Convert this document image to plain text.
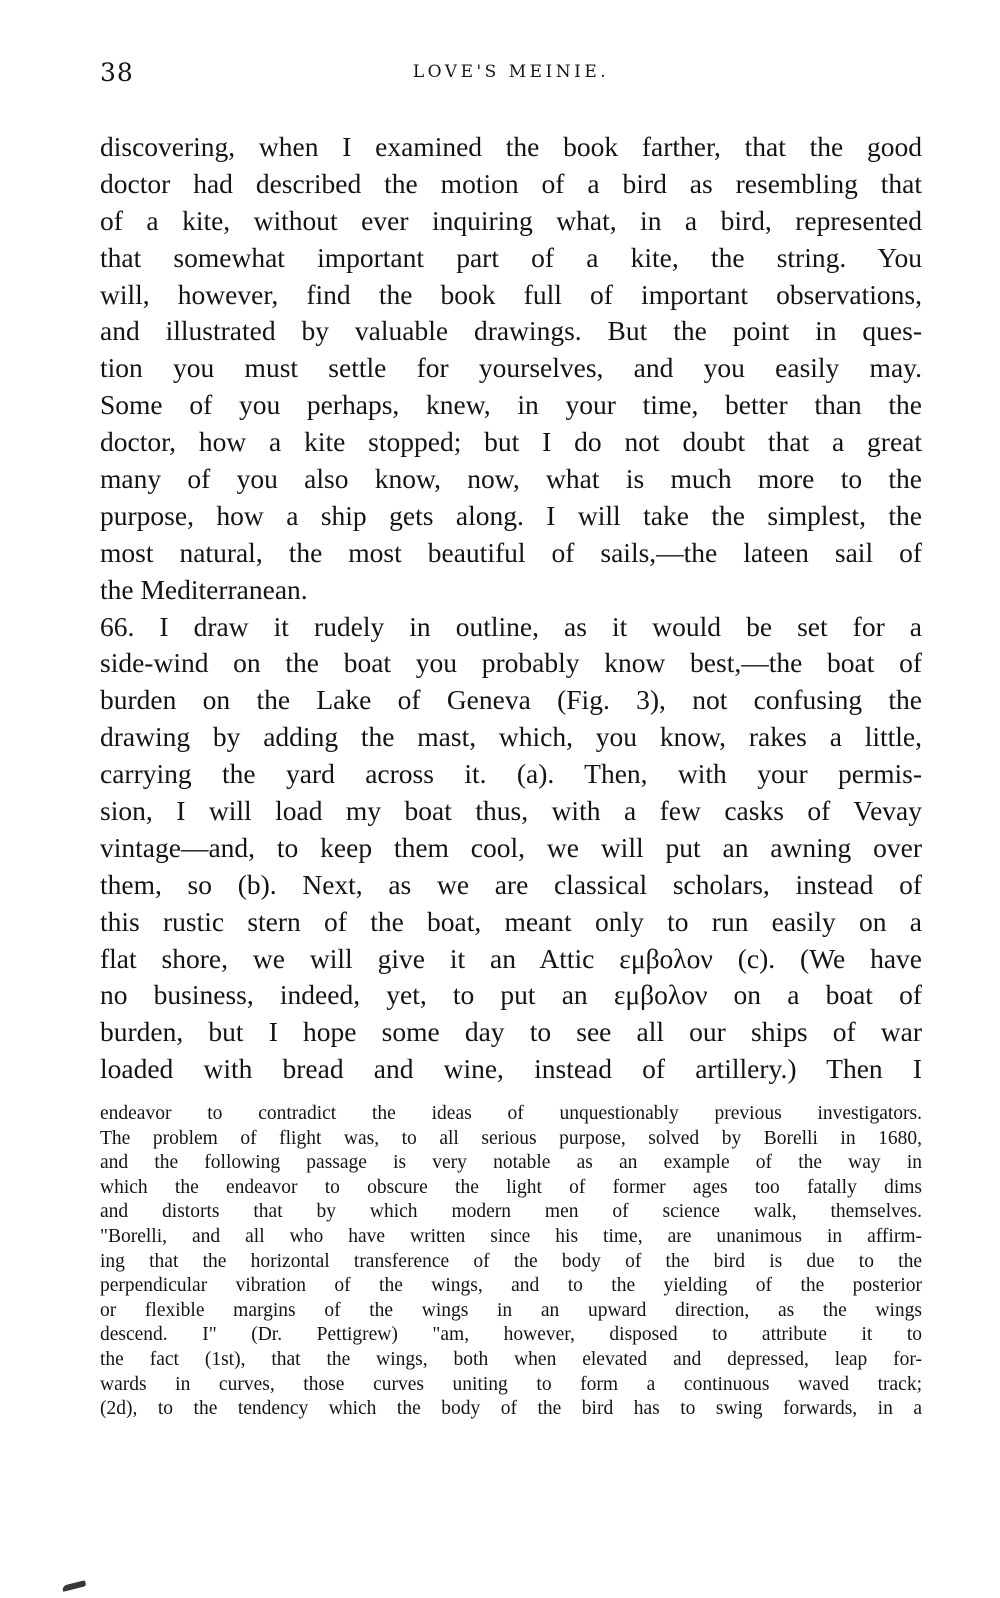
38	LOVE'S MEINIE.
discovering, when I examined the book farther, that the good
doctor had described the motion of a bird as resembling that
of a kite, without ever inquiring what, in a bird, represented
that somewhat important part of a kite, the string. You
will, however, find the book full of important observations,
and illustrated by valuable drawings. But the point in ques-
tion you must settle for yourselves, and you easily may.
Some of you perhaps, knew, in your time, better than the
doctor, how a kite stopped; but I do not doubt that a great
many of you also know, now, what is much more to the
purpose, how a ship gets along. I will take the simplest, the
most natural, the most beautiful of sails,—the lateen sail of
the Mediterranean.
66. I draw it rudely in outline, as it would be set for a
side-wind on the boat you probably know best,—the boat of
burden on the Lake of Geneva (Fig. 3), not confusing the
drawing by adding the mast, which, you know, rakes a little,
carrying the yard across it. (a). Then, with your permis-
sion, I will load my boat thus, with a few casks of Vevay
vintage—and, to keep them cool, we will put an awning over
them, so (b). Next, as we are classical scholars, instead of
this rustic stern of the boat, meant only to run easily on a
flat shore, we will give it an Attic εμβολον (c). (We have
no business, indeed, yet, to put an εμβολον on a boat of
burden, but I hope some day to see all our ships of war
loaded with bread and wine, instead of artillery.) Then I
endeavor to contradict the ideas of unquestionably previous investigators.
The problem of flight was, to all serious purpose, solved by Borelli in 1680,
and the following passage is very notable as an example of the way in
which the endeavor to obscure the light of former ages too fatally dims
and distorts that by which modern men of science walk, themselves.
"Borelli, and all who have written since his time, are unanimous in affirm-
ing that the horizontal transference of the body of the bird is due to the
perpendicular vibration of the wings, and to the yielding of the posterior
or flexible margins of the wings in an upward direction, as the wings
descend. I" (Dr. Pettigrew) "am, however, disposed to attribute it to
the fact (1st), that the wings, both when elevated and depressed, leap for-
wards in curves, those curves uniting to form a continuous waved track;
(2d), to the tendency which the body of the bird has to swing forwards, in a
